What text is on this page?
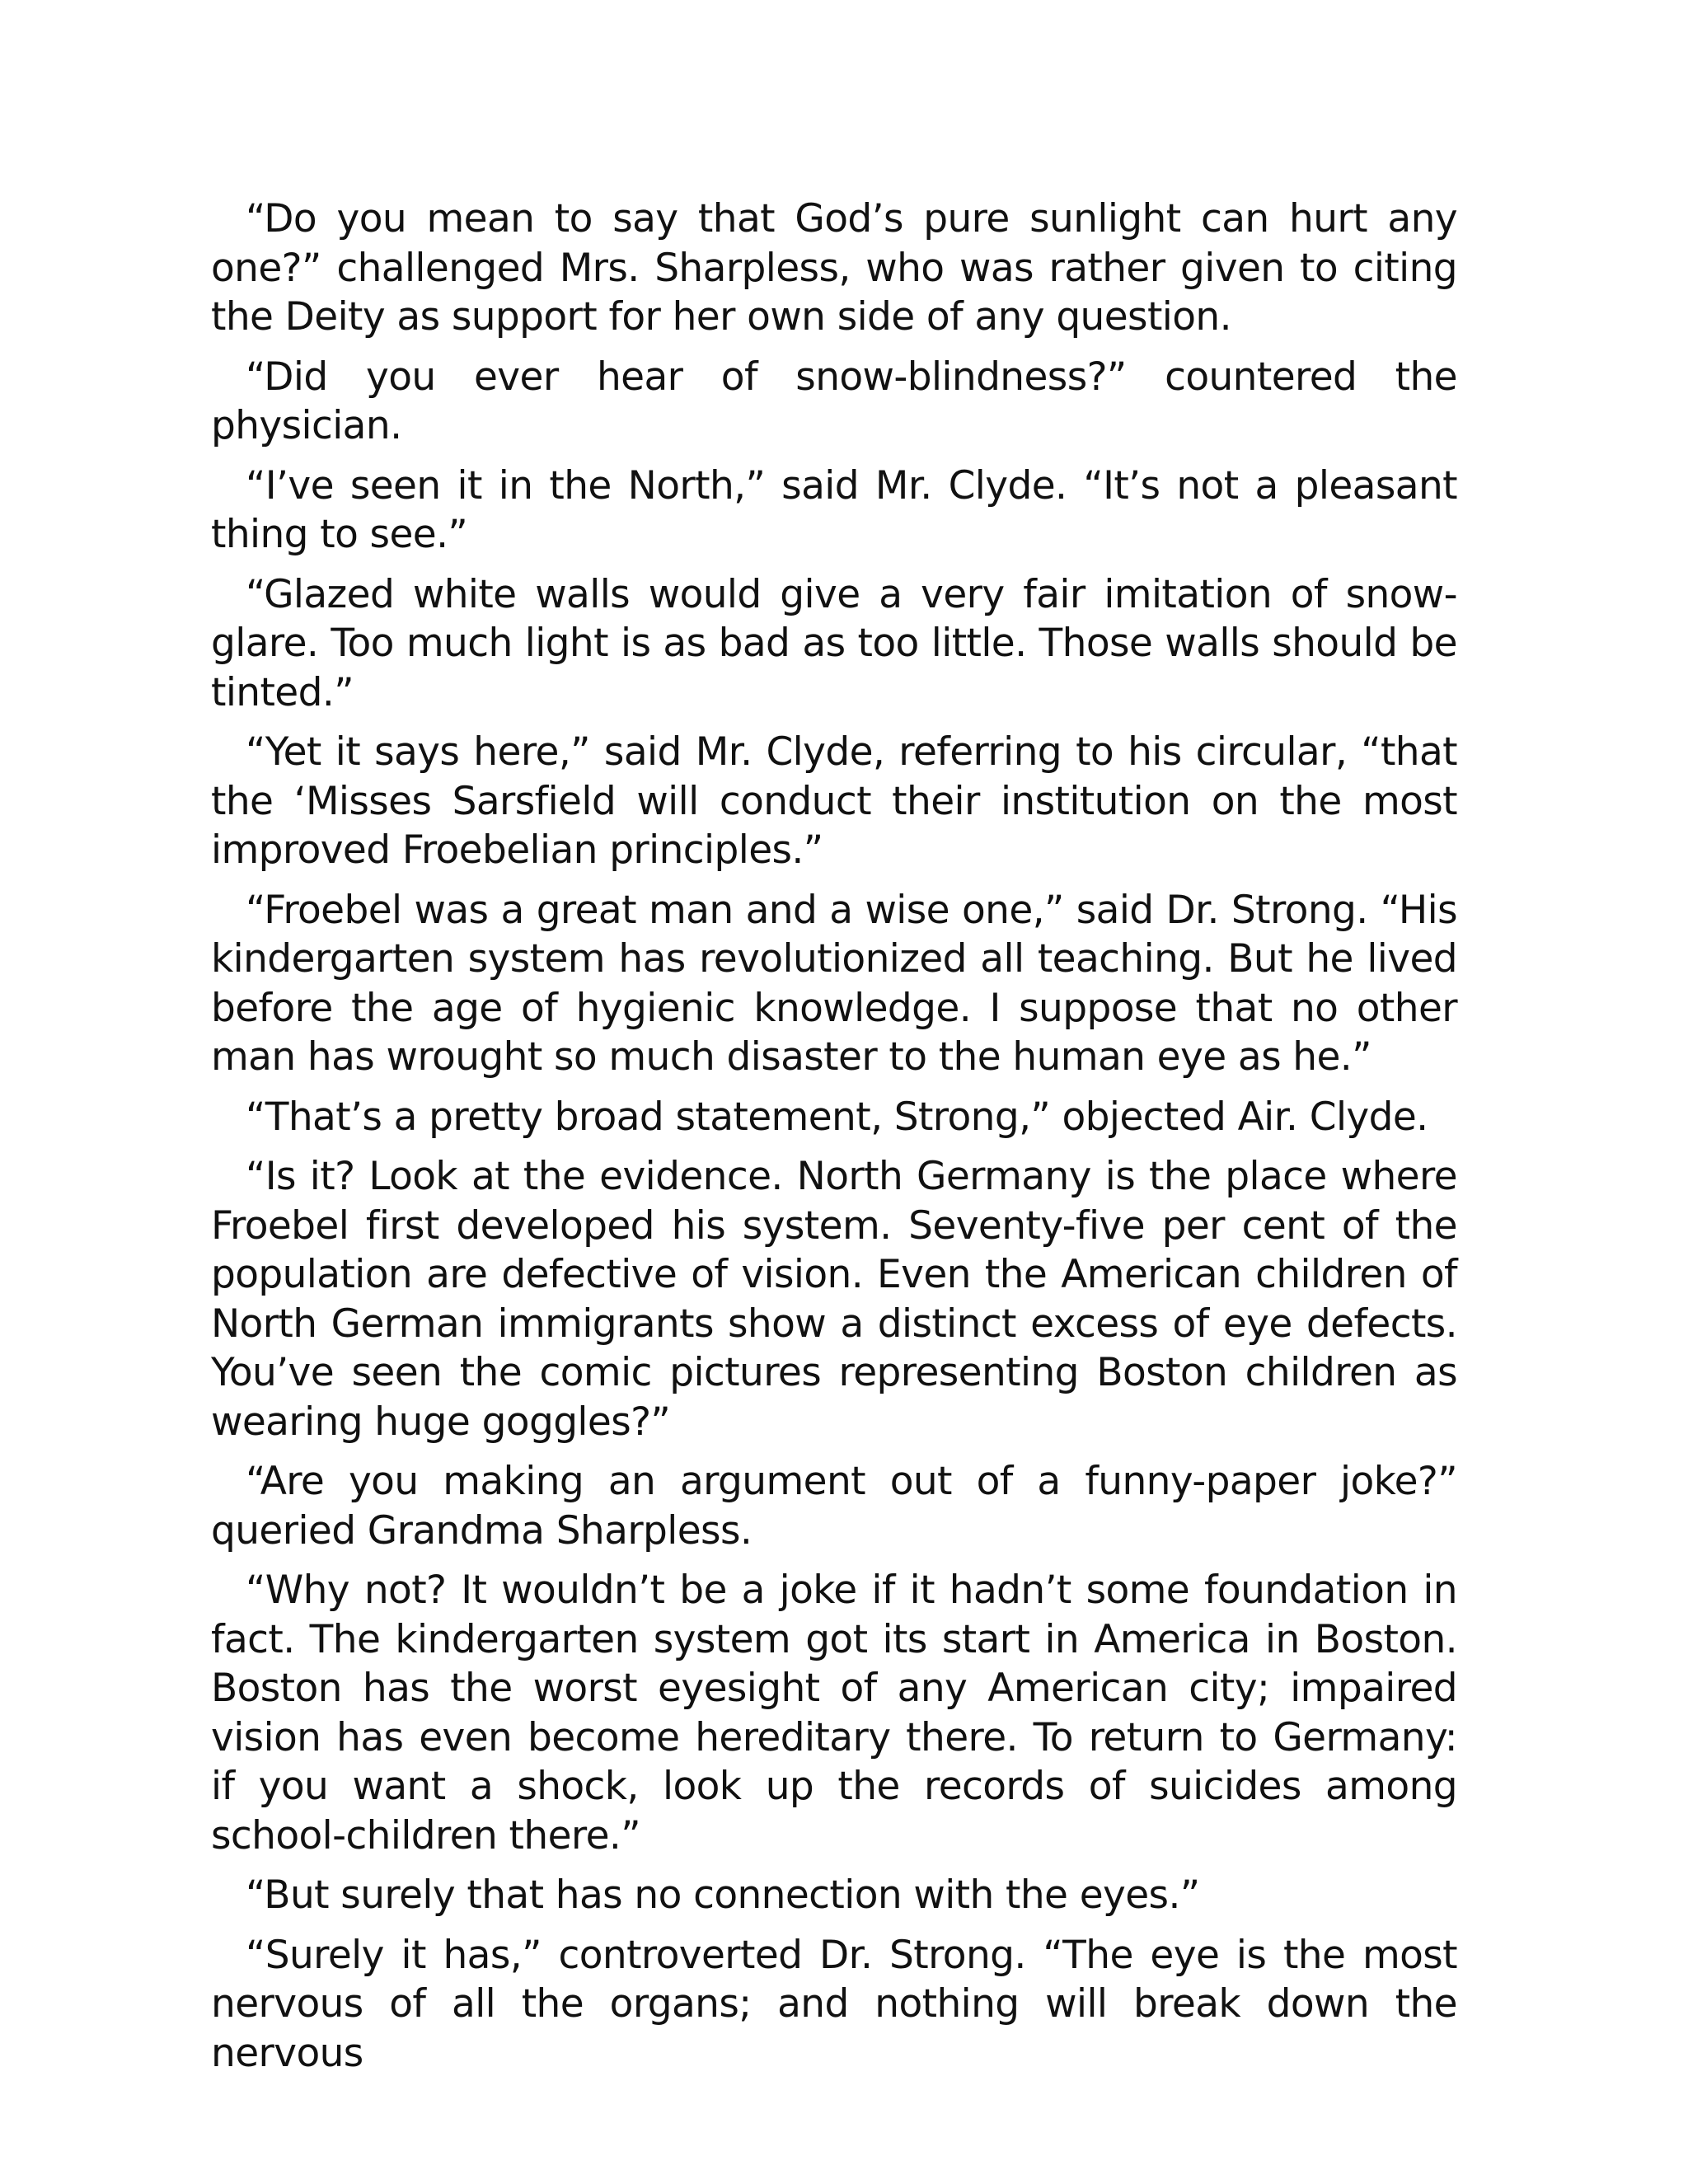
“Do you mean to say that God’s pure sunlight can hurt any one?” challenged Mrs. Sharpless, who was rather given to citing the Deity as support for her own side of any question.

“Did you ever hear of snow-blindness?” countered the physician.

“I’ve seen it in the North,” said Mr. Clyde. “It’s not a pleasant thing to see.”

“Glazed white walls would give a very fair imitation of snow-glare. Too much light is as bad as too little. Those walls should be tinted.”

“Yet it says here,” said Mr. Clyde, referring to his circular, “that the ‘Misses Sarsfield will conduct their institution on the most improved Froebelian principles.”

“Froebel was a great man and a wise one,” said Dr. Strong. “His kindergarten system has revolutionized all teaching. But he lived before the age of hygienic knowledge. I suppose that no other man has wrought so much disaster to the human eye as he.”

“That’s a pretty broad statement, Strong,” objected Air. Clyde.

“Is it? Look at the evidence. North Germany is the place where Froebel first developed his system. Seventy-five per cent of the population are defective of vision. Even the American children of North German immigrants show a distinct excess of eye defects. You’ve seen the comic pictures representing Boston children as wearing huge goggles?”

“Are you making an argument out of a funny-paper joke?” queried Grandma Sharpless.

“Why not? It wouldn’t be a joke if it hadn’t some foundation in fact. The kindergarten system got its start in America in Boston. Boston has the worst eyesight of any American city; impaired vision has even become hereditary there. To return to Germany: if you want a shock, look up the records of suicides among school-children there.”

“But surely that has no connection with the eyes.”

“Surely it has,” controverted Dr. Strong. “The eye is the most nervous of all the organs; and nothing will break down the nervous
